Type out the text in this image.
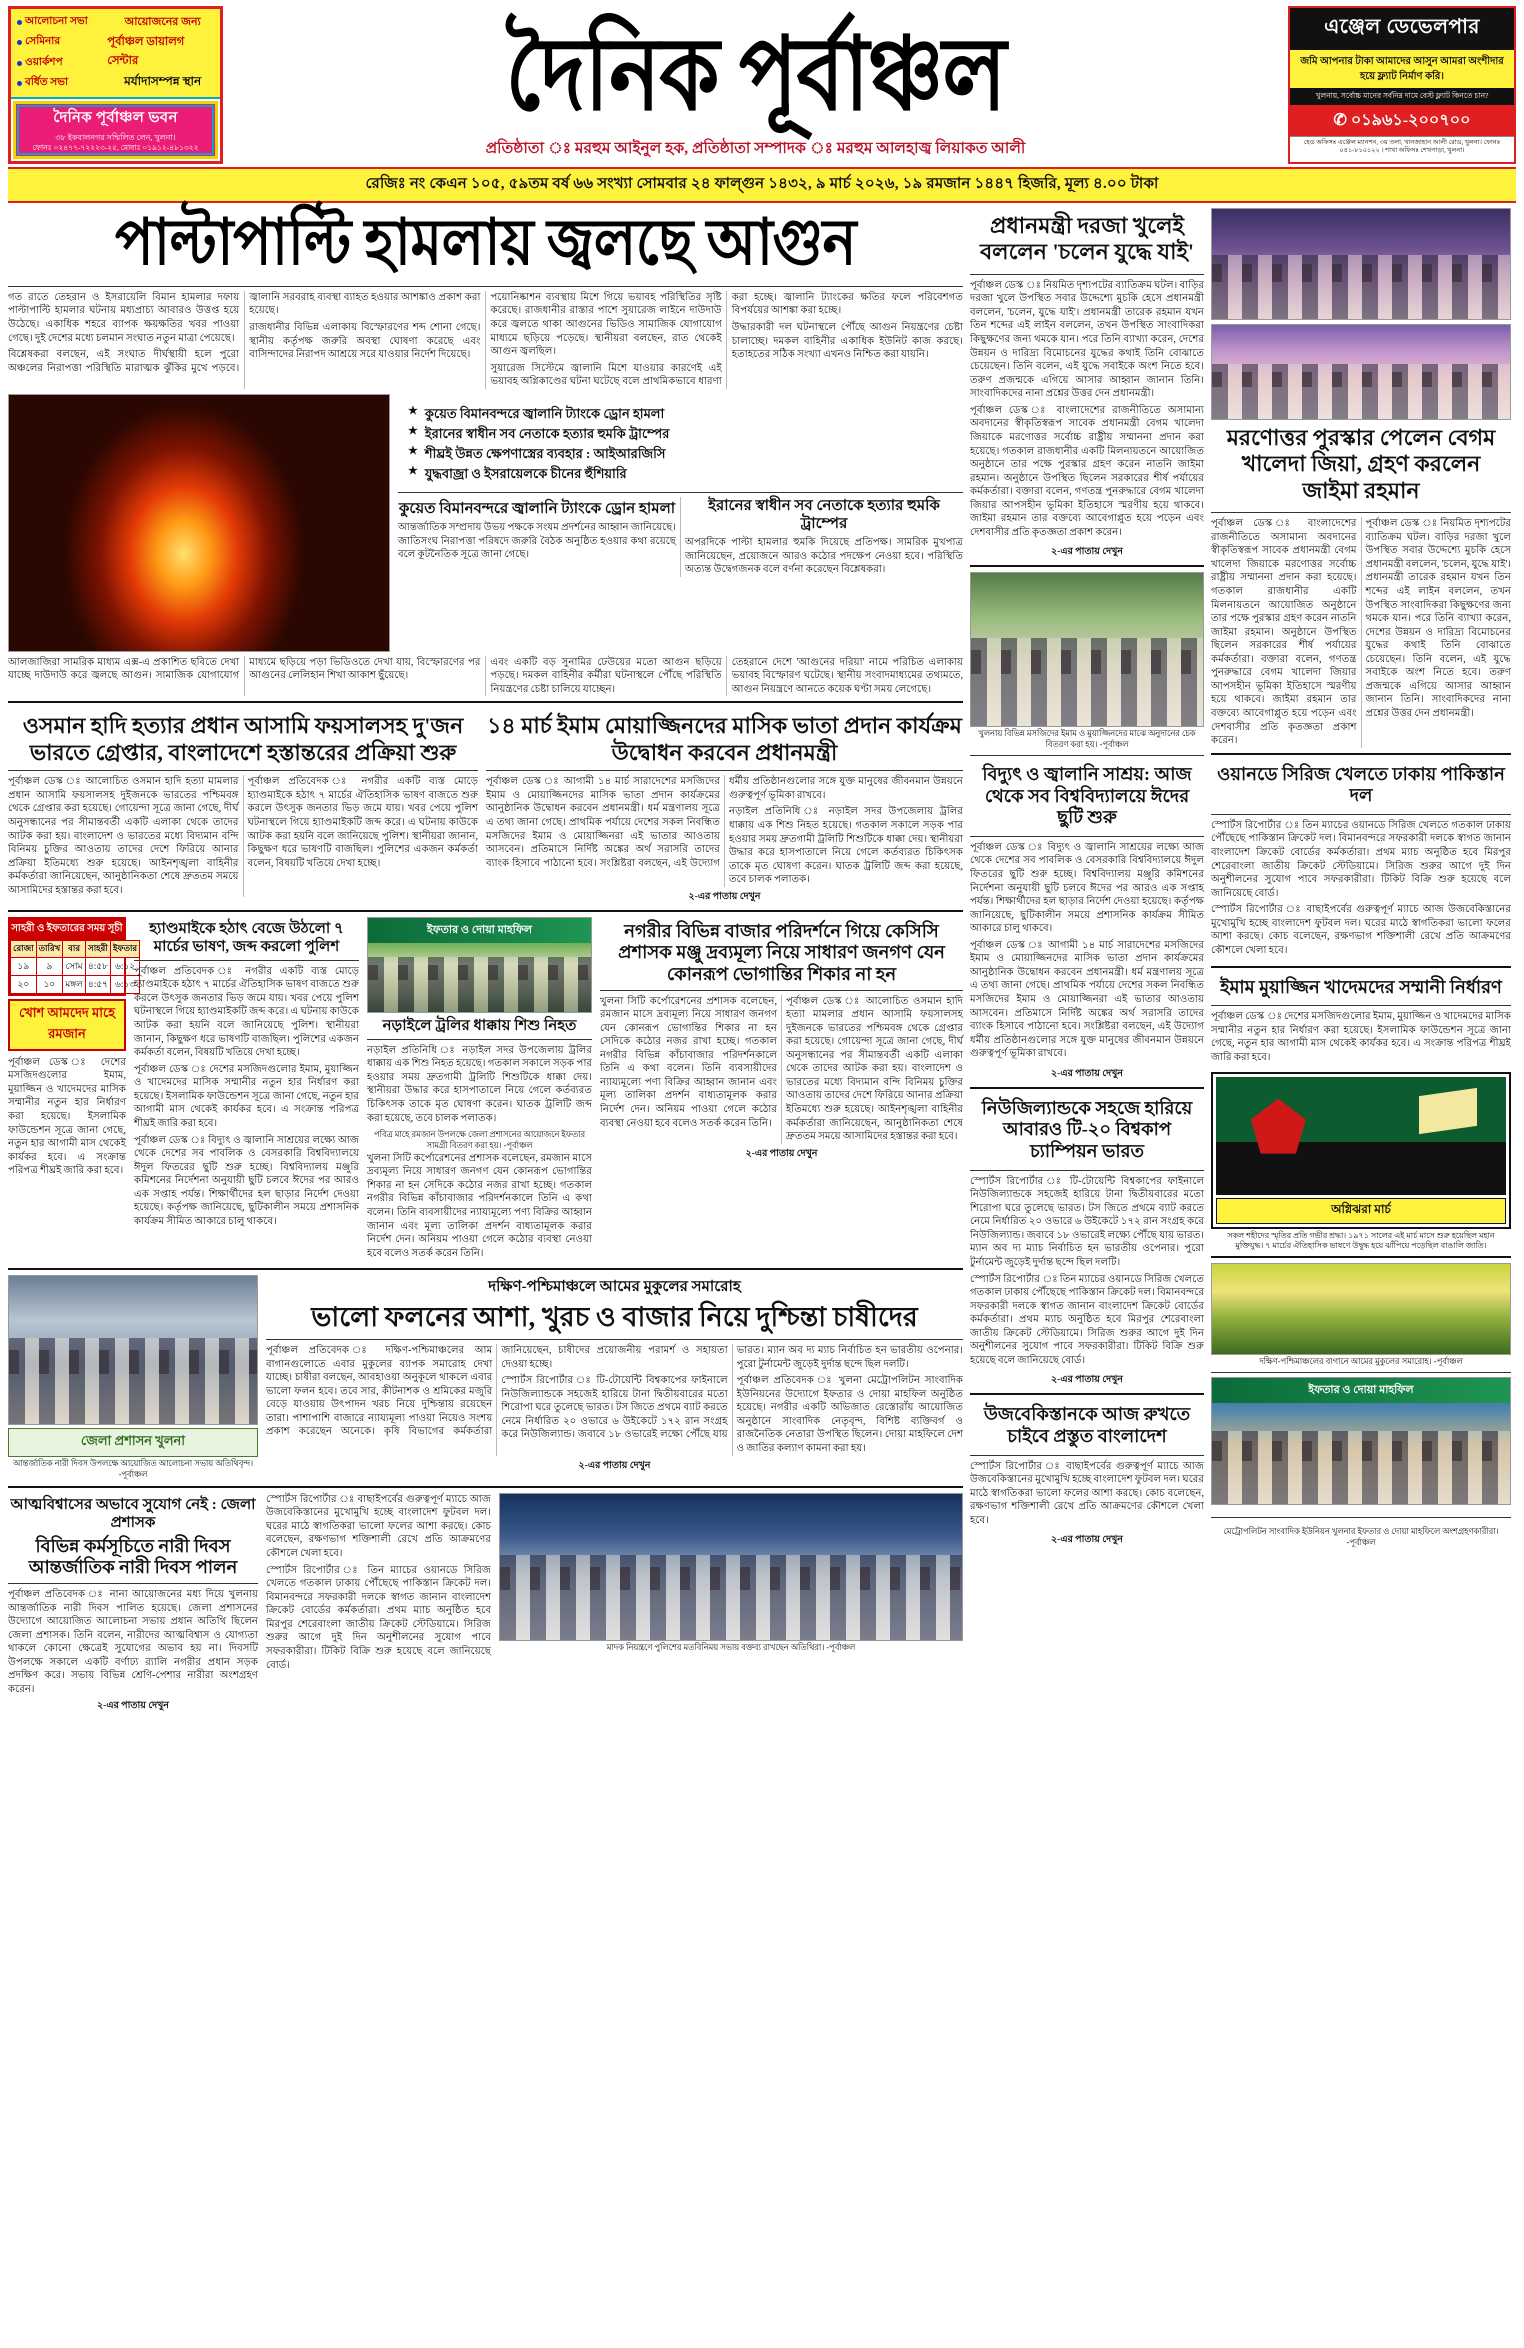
আলোচনা সভা
সেমিনার
ওয়ার্কশপ
বর্ধিত সভা
আয়োজনের জন্য
পূর্বাঞ্চল ডায়ালগ সেন্টার
মর্যাদাসম্পন্ন স্থান
দৈনিক পূর্বাঞ্চল ভবন
৩৮ ইকবালনগর সম্মিলিত লেন, খুলনা।
ফোনঃ ০২৪৭৭-৭২২২৩-২৫, মোবাঃ ০১৯১২-৪৮১৩২২
দৈনিক পূর্বাঞ্চল
প্রতিষ্ঠাতা ঃ মরহুম আইনুল হক, প্রতিষ্ঠাতা সম্পাদক ঃ মরহুম আলহাজ্ব লিয়াকত আলী
এঞ্জেল ডেভেলপার
জমি আপনার টাকা আমাদের আসুন আমরা অংশীদার হয়ে ফ্ল্যাট নির্মাণ করি।
খুলনায়, সর্বোচ্চ মানের সর্বনিম্ন দামে বেস্ট ফ্ল্যাট কিনতে চান?
✆ ০১৯৬১-২০০৭০০
হেড অফিসঃ এঞ্জেল ম্যানশন, ৩য় তলা, খানজাহান আলী রোড, খুলনা। ফোনঃ ০৪১-৮১০১২২ । শাখা অফিসঃ শেখপাড়া, খুলনা।
রেজিঃ নং কেএন ১০৫, ৫৯তম বর্ষ ৬৬ সংখ্যা সোমবার ২৪ ফাল্গুন ১৪৩২, ৯ মার্চ ২০২৬, ১৯ রমজান ১৪৪৭ হিজরি, মূল্য ৪.০০ টাকা
পাল্টাপাল্টি হামলায় জ্বলছে আগুন

গত রাতে তেহরান ও ইসরায়েলি বিমান হামলার দফায় পাল্টাপাল্টি হামলার ঘটনায় মধ্যপ্রাচ্য আবারও উত্তপ্ত হয়ে উঠেছে। একাধিক শহরে ব্যাপক ক্ষয়ক্ষতির খবর পাওয়া গেছে। দুই দেশের মধ্যে চলমান সংঘাত নতুন মাত্রা পেয়েছে।

বিশ্লেষকরা বলছেন, এই সংঘাত দীর্ঘস্থায়ী হলে পুরো অঞ্চলের নিরাপত্তা পরিস্থিতি মারাত্মক ঝুঁকির মুখে পড়বে। জ্বালানি সরবরাহ ব্যবস্থা ব্যাহত হওয়ার আশঙ্কাও প্রকাশ করা হয়েছে।

রাজধানীর বিভিন্ন এলাকায় বিস্ফোরণের শব্দ শোনা গেছে। স্থানীয় কর্তৃপক্ষ জরুরি অবস্থা ঘোষণা করেছে এবং বাসিন্দাদের নিরাপদ আশ্রয়ে সরে যাওয়ার নির্দেশ দিয়েছে।

পয়োনিষ্কাশন ব্যবস্থায় মিশে গিয়ে ভয়াবহ পরিস্থিতির সৃষ্টি করেছে। রাজধানীর রাস্তার পাশে সুয়ারেজ লাইনে দাউদাউ করে জ্বলতে থাকা আগুনের ভিডিও সামাজিক যোগাযোগ মাধ্যমে ছড়িয়ে পড়েছে। স্থানীয়রা বলছেন, রাত থেকেই আগুন জ্বলছিল।

সুয়ারেজ সিস্টেমে জ্বালানি মিশে যাওয়ার কারণেই এই ভয়াবহ অগ্নিকাণ্ডের ঘটনা ঘটেছে বলে প্রাথমিকভাবে ধারণা করা হচ্ছে। জ্বালানি ট্যাংকের ক্ষতির ফলে পরিবেশগত বিপর্যয়ের আশঙ্কা করা হচ্ছে।

উদ্ধারকারী দল ঘটনাস্থলে পৌঁছে আগুন নিয়ন্ত্রণের চেষ্টা চালাচ্ছে। দমকল বাহিনীর একাধিক ইউনিট কাজ করছে। হতাহতের সঠিক সংখ্যা এখনও নিশ্চিত করা যায়নি।

★ কুয়েত বিমানবন্দরে জ্বালানি ট্যাংকে ড্রোন হামলা
★ ইরানের স্বাধীন সব নেতাকে হত্যার হুমকি ট্রাম্পের
★ শীঘ্রই উন্নত ক্ষেপণাস্ত্রের ব্যবহার : আইআরজিসি
★ যুদ্ধবাজ্রা ও ইসরায়েলকে চীনের হুঁশিয়ারি
কুয়েত বিমানবন্দরে জ্বালানি ট্যাংকে ড্রোন হামলা

আন্তর্জাতিক সম্প্রদায় উভয় পক্ষকে সংযম প্রদর্শনের আহ্বান জানিয়েছে। জাতিসংঘ নিরাপত্তা পরিষদে জরুরি বৈঠক অনুষ্ঠিত হওয়ার কথা রয়েছে বলে কূটনৈতিক সূত্রে জানা গেছে।

ইরানের স্বাধীন সব নেতাকে হত্যার হুমকি ট্রাম্পের

অপরদিকে পাল্টা হামলার হুমকি দিয়েছে প্রতিপক্ষ। সামরিক মুখপাত্র জানিয়েছেন, প্রয়োজনে আরও কঠোর পদক্ষেপ নেওয়া হবে। পরিস্থিতি অত্যন্ত উদ্বেগজনক বলে বর্ণনা করেছেন বিশ্লেষকরা।

আলজাজিরা সামরিক মাধ্যম এক্স-এ প্রকাশিত ছবিতে দেখা যাচ্ছে দাউদাউ করে জ্বলছে আগুন। সামাজিক যোগাযোগ মাধ্যমে ছড়িয়ে পড়া ভিডিওতে দেখা যায়, বিস্ফোরণের পর আগুনের লেলিহান শিখা আকাশ ছুঁয়েছে।

এবং একটি বড় সুনামির ঢেউয়ের মতো আগুন ছড়িয়ে পড়ছে। দমকল বাহিনীর কর্মীরা ঘটনাস্থলে পৌঁছে পরিস্থিতি নিয়ন্ত্রণের চেষ্টা চালিয়ে যাচ্ছেন।

তেহরানে দেশে 'আগুনের দরিয়া' নামে পরিচিত এলাকায় ভয়াবহ বিস্ফোরণ ঘটেছে। স্থানীয় সংবাদমাধ্যমের তথ্যমতে, আগুন নিয়ন্ত্রণে আনতে কয়েক ঘণ্টা সময় লেগেছে।

ওসমান হাদি হত্যার প্রধান আসামি ফয়সালসহ দু'জন ভারতে গ্রেপ্তার, বাংলাদেশে হস্তান্তরের প্রক্রিয়া শুরু

পূর্বাঞ্চল ডেস্ক ঃ আলোচিত ওসমান হাদি হত্যা মামলার প্রধান আসামি ফয়সালসহ দুইজনকে ভারতের পশ্চিমবঙ্গ থেকে গ্রেপ্তার করা হয়েছে। গোয়েন্দা সূত্রে জানা গেছে, দীর্ঘ অনুসন্ধানের পর সীমান্তবর্তী একটি এলাকা থেকে তাদের আটক করা হয়। বাংলাদেশ ও ভারতের মধ্যে বিদ্যমান বন্দি বিনিময় চুক্তির আওতায় তাদের দেশে ফিরিয়ে আনার প্রক্রিয়া ইতিমধ্যে শুরু হয়েছে। আইনশৃঙ্খলা বাহিনীর কর্মকর্তারা জানিয়েছেন, আনুষ্ঠানিকতা শেষে দ্রুততম সময়ে আসামিদের হস্তান্তর করা হবে।

পূর্বাঞ্চল প্রতিবেদক ঃ নগরীর একটি ব্যস্ত মোড়ে হ্যাণ্ডমাইকে হঠাৎ ৭ মার্চের ঐতিহাসিক ভাষণ বাজতে শুরু করলে উৎসুক জনতার ভিড় জমে যায়। খবর পেয়ে পুলিশ ঘটনাস্থলে গিয়ে হ্যাণ্ডমাইকটি জব্দ করে। এ ঘটনায় কাউকে আটক করা হয়নি বলে জানিয়েছে পুলিশ। স্থানীয়রা জানান, কিছুক্ষণ ধরে ভাষণটি বাজছিল। পুলিশের একজন কর্মকর্তা বলেন, বিষয়টি খতিয়ে দেখা হচ্ছে।

১৪ মার্চ ইমাম মোয়াজ্জিনদের মাসিক ভাতা প্রদান কার্যক্রম উদ্বোধন করবেন প্রধানমন্ত্রী

পূর্বাঞ্চল ডেস্ক ঃ আগামী ১৪ মার্চ সারাদেশের মসজিদের ইমাম ও মোয়াজ্জিনদের মাসিক ভাতা প্রদান কার্যক্রমের আনুষ্ঠানিক উদ্বোধন করবেন প্রধানমন্ত্রী। ধর্ম মন্ত্রণালয় সূত্রে এ তথ্য জানা গেছে। প্রাথমিক পর্যায়ে দেশের সকল নিবন্ধিত মসজিদের ইমাম ও মোয়াজ্জিনরা এই ভাতার আওতায় আসবেন। প্রতিমাসে নির্দিষ্ট অঙ্কের অর্থ সরাসরি তাদের ব্যাংক হিসাবে পাঠানো হবে। সংশ্লিষ্টরা বলছেন, এই উদ্যোগ ধর্মীয় প্রতিষ্ঠানগুলোর সঙ্গে যুক্ত মানুষের জীবনমান উন্নয়নে গুরুত্বপূর্ণ ভূমিকা রাখবে।

নড়াইল প্রতিনিধি ঃ নড়াইল সদর উপজেলায় ট্রলির ধাক্কায় এক শিশু নিহত হয়েছে। গতকাল সকালে সড়ক পার হওয়ার সময় দ্রুতগামী ট্রলিটি শিশুটিকে ধাক্কা দেয়। স্থানীয়রা উদ্ধার করে হাসপাতালে নিয়ে গেলে কর্তব্যরত চিকিৎসক তাকে মৃত ঘোষণা করেন। ঘাতক ট্রলিটি জব্দ করা হয়েছে, তবে চালক পলাতক।

২-এর পাতায় দেখুন
সাহরী ও ইফতারের সময় সূচী
রোজা	তারিখ	বার	সাহরী	ইফতার
১৯	৯	সোম	৪:৫৮	৬:১২
২০	১০	মঙ্গল	৪:৫৭	৬:১৩
খোশ আমদেদ মাহে রমজান

পূর্বাঞ্চল ডেস্ক ঃ দেশের মসজিদগুলোর ইমাম, মুয়াজ্জিন ও খাদেমদের মাসিক সম্মানীর নতুন হার নির্ধারণ করা হয়েছে। ইসলামিক ফাউন্ডেশন সূত্রে জানা গেছে, নতুন হার আগামী মাস থেকেই কার্যকর হবে। এ সংক্রান্ত পরিপত্র শীঘ্রই জারি করা হবে।

হ্যাণ্ডমাইকে হঠাৎ বেজে উঠলো ৭ মার্চের ভাষণ, জব্দ করলো পুলিশ

পূর্বাঞ্চল প্রতিবেদক ঃ নগরীর একটি ব্যস্ত মোড়ে হ্যাণ্ডমাইকে হঠাৎ ৭ মার্চের ঐতিহাসিক ভাষণ বাজতে শুরু করলে উৎসুক জনতার ভিড় জমে যায়। খবর পেয়ে পুলিশ ঘটনাস্থলে গিয়ে হ্যাণ্ডমাইকটি জব্দ করে। এ ঘটনায় কাউকে আটক করা হয়নি বলে জানিয়েছে পুলিশ। স্থানীয়রা জানান, কিছুক্ষণ ধরে ভাষণটি বাজছিল। পুলিশের একজন কর্মকর্তা বলেন, বিষয়টি খতিয়ে দেখা হচ্ছে।

পূর্বাঞ্চল ডেস্ক ঃ দেশের মসজিদগুলোর ইমাম, মুয়াজ্জিন ও খাদেমদের মাসিক সম্মানীর নতুন হার নির্ধারণ করা হয়েছে। ইসলামিক ফাউন্ডেশন সূত্রে জানা গেছে, নতুন হার আগামী মাস থেকেই কার্যকর হবে। এ সংক্রান্ত পরিপত্র শীঘ্রই জারি করা হবে।

পূর্বাঞ্চল ডেস্ক ঃ বিদ্যুৎ ও জ্বালানি সাশ্রয়ের লক্ষ্যে আজ থেকে দেশের সব পাবলিক ও বেসরকারি বিশ্ববিদ্যালয়ে ঈদুল ফিতরের ছুটি শুরু হচ্ছে। বিশ্ববিদ্যালয় মঞ্জুরি কমিশনের নির্দেশনা অনুযায়ী ছুটি চলবে ঈদের পর আরও এক সপ্তাহ পর্যন্ত। শিক্ষার্থীদের হল ছাড়ার নির্দেশ দেওয়া হয়েছে। কর্তৃপক্ষ জানিয়েছে, ছুটিকালীন সময়ে প্রশাসনিক কার্যক্রম সীমিত আকারে চালু থাকবে।

ইফতার ও দোয়া মাহফিল
নড়াইলে ট্রলির ধাক্কায় শিশু নিহত

নড়াইল প্রতিনিধি ঃ নড়াইল সদর উপজেলায় ট্রলির ধাক্কায় এক শিশু নিহত হয়েছে। গতকাল সকালে সড়ক পার হওয়ার সময় দ্রুতগামী ট্রলিটি শিশুটিকে ধাক্কা দেয়। স্থানীয়রা উদ্ধার করে হাসপাতালে নিয়ে গেলে কর্তব্যরত চিকিৎসক তাকে মৃত ঘোষণা করেন। ঘাতক ট্রলিটি জব্দ করা হয়েছে, তবে চালক পলাতক।

পবিত্র মাহে রমজান উপলক্ষে জেলা প্রশাসনের আয়োজনে ইফতার সামগ্রী বিতরণ করা হয়। -পূর্বাঞ্চল

খুলনা সিটি কর্পোরেশনের প্রশাসক বলেছেন, রমজান মাসে দ্রব্যমূল্য নিয়ে সাধারণ জনগণ যেন কোনরূপ ভোগান্তির শিকার না হন সেদিকে কঠোর নজর রাখা হচ্ছে। গতকাল নগরীর বিভিন্ন কাঁচাবাজার পরিদর্শনকালে তিনি এ কথা বলেন। তিনি ব্যবসায়ীদের ন্যায্যমূল্যে পণ্য বিক্রির আহ্বান জানান এবং মূল্য তালিকা প্রদর্শন বাধ্যতামূলক করার নির্দেশ দেন। অনিয়ম পাওয়া গেলে কঠোর ব্যবস্থা নেওয়া হবে বলেও সতর্ক করেন তিনি।

নগরীর বিভিন্ন বাজার পরিদর্শনে গিয়ে কেসিসি প্রশাসক মঞ্জু দ্রব্যমূল্য নিয়ে সাধারণ জনগণ যেন কোনরূপ ভোগান্তির শিকার না হন

খুলনা সিটি কর্পোরেশনের প্রশাসক বলেছেন, রমজান মাসে দ্রব্যমূল্য নিয়ে সাধারণ জনগণ যেন কোনরূপ ভোগান্তির শিকার না হন সেদিকে কঠোর নজর রাখা হচ্ছে। গতকাল নগরীর বিভিন্ন কাঁচাবাজার পরিদর্শনকালে তিনি এ কথা বলেন। তিনি ব্যবসায়ীদের ন্যায্যমূল্যে পণ্য বিক্রির আহ্বান জানান এবং মূল্য তালিকা প্রদর্শন বাধ্যতামূলক করার নির্দেশ দেন। অনিয়ম পাওয়া গেলে কঠোর ব্যবস্থা নেওয়া হবে বলেও সতর্ক করেন তিনি।

পূর্বাঞ্চল ডেস্ক ঃ আলোচিত ওসমান হাদি হত্যা মামলার প্রধান আসামি ফয়সালসহ দুইজনকে ভারতের পশ্চিমবঙ্গ থেকে গ্রেপ্তার করা হয়েছে। গোয়েন্দা সূত্রে জানা গেছে, দীর্ঘ অনুসন্ধানের পর সীমান্তবর্তী একটি এলাকা থেকে তাদের আটক করা হয়। বাংলাদেশ ও ভারতের মধ্যে বিদ্যমান বন্দি বিনিময় চুক্তির আওতায় তাদের দেশে ফিরিয়ে আনার প্রক্রিয়া ইতিমধ্যে শুরু হয়েছে। আইনশৃঙ্খলা বাহিনীর কর্মকর্তারা জানিয়েছেন, আনুষ্ঠানিকতা শেষে দ্রুততম সময়ে আসামিদের হস্তান্তর করা হবে।

২-এর পাতায় দেখুন
জেলা প্রশাসন খুলনা
আন্তর্জাতিক নারী দিবস উপলক্ষে আয়োজিত আলোচনা সভায় অতিথিবৃন্দ। -পূর্বাঞ্চল
দক্ষিণ-পশ্চিমাঞ্চলে আমের মুকুলের সমারোহ
ভালো ফলনের আশা, খুরচ ও বাজার নিয়ে দুশ্চিন্তা চাষীদের

পূর্বাঞ্চল প্রতিবেদক ঃ দক্ষিণ-পশ্চিমাঞ্চলের আম বাগানগুলোতে এবার মুকুলের ব্যাপক সমারোহ দেখা যাচ্ছে। চাষীরা বলছেন, আবহাওয়া অনুকূলে থাকলে এবার ভালো ফলন হবে। তবে সার, কীটনাশক ও শ্রমিকের মজুরি বেড়ে যাওয়ায় উৎপাদন খরচ নিয়ে দুশ্চিন্তায় রয়েছেন তারা। পাশাপাশি বাজারে ন্যায্যমূল্য পাওয়া নিয়েও সংশয় প্রকাশ করেছেন অনেকে। কৃষি বিভাগের কর্মকর্তারা জানিয়েছেন, চাষীদের প্রয়োজনীয় পরামর্শ ও সহায়তা দেওয়া হচ্ছে।

স্পোর্টস রিপোর্টার ঃ টি-টোয়েন্টি বিশ্বকাপের ফাইনালে নিউজিল্যান্ডকে সহজেই হারিয়ে টানা দ্বিতীয়বারের মতো শিরোপা ঘরে তুলেছে ভারত। টস জিতে প্রথমে ব্যাট করতে নেমে নির্ধারিত ২০ ওভারে ৬ উইকেটে ১৭২ রান সংগ্রহ করে নিউজিল্যান্ড। জবাবে ১৮ ওভারেই লক্ষ্যে পৌঁছে যায় ভারত। ম্যান অব দ্য ম্যাচ নির্বাচিত হন ভারতীয় ওপেনার। পুরো টুর্নামেন্ট জুড়েই দুর্দান্ত ছন্দে ছিল দলটি।

পূর্বাঞ্চল প্রতিবেদক ঃ খুলনা মেট্রোপলিটন সাংবাদিক ইউনিয়নের উদ্যোগে ইফতার ও দোয়া মাহফিল অনুষ্ঠিত হয়েছে। নগরীর একটি অভিজাত রেস্তোরাঁয় আয়োজিত অনুষ্ঠানে সাংবাদিক নেতৃবৃন্দ, বিশিষ্ট ব্যক্তিবর্গ ও রাজনৈতিক নেতারা উপস্থিত ছিলেন। দোয়া মাহফিলে দেশ ও জাতির কল্যাণ কামনা করা হয়।

২-এর পাতায় দেখুন
আত্মবিশ্বাসের অভাবে সুযোগ নেই : জেলা প্রশাসক
বিভিন্ন কর্মসূচিতে নারী দিবস আন্তর্জাতিক নারী দিবস পালন

পূর্বাঞ্চল প্রতিবেদক ঃ নানা আয়োজনের মধ্য দিয়ে খুলনায় আন্তর্জাতিক নারী দিবস পালিত হয়েছে। জেলা প্রশাসনের উদ্যোগে আয়োজিত আলোচনা সভায় প্রধান অতিথি ছিলেন জেলা প্রশাসক। তিনি বলেন, নারীদের আত্মবিশ্বাস ও যোগ্যতা থাকলে কোনো ক্ষেত্রেই সুযোগের অভাব হয় না। দিবসটি উপলক্ষে সকালে একটি বর্ণাঢ্য র‍্যালি নগরীর প্রধান সড়ক প্রদক্ষিণ করে। সভায় বিভিন্ন শ্রেণি-পেশার নারীরা অংশগ্রহণ করেন।

২-এর পাতায় দেখুন

স্পোর্টস রিপোর্টার ঃ বাছাইপর্বের গুরুত্বপূর্ণ ম্যাচে আজ উজবেকিস্তানের মুখোমুখি হচ্ছে বাংলাদেশ ফুটবল দল। ঘরের মাঠে স্বাগতিকরা ভালো ফলের আশা করছে। কোচ বলেছেন, রক্ষণভাগ শক্তিশালী রেখে প্রতি আক্রমণের কৌশলে খেলা হবে।

স্পোর্টস রিপোর্টার ঃ তিন ম্যাচের ওয়ানডে সিরিজ খেলতে গতকাল ঢাকায় পৌঁছেছে পাকিস্তান ক্রিকেট দল। বিমানবন্দরে সফরকারী দলকে স্বাগত জানান বাংলাদেশ ক্রিকেট বোর্ডের কর্মকর্তারা। প্রথম ম্যাচ অনুষ্ঠিত হবে মিরপুর শেরেবাংলা জাতীয় ক্রিকেট স্টেডিয়ামে। সিরিজ শুরুর আগে দুই দিন অনুশীলনের সুযোগ পাবে সফরকারীরা। টিকিট বিক্রি শুরু হয়েছে বলে জানিয়েছে বোর্ড।

মাদক নিয়ন্ত্রণে পুলিশের মতবিনিময় সভায় বক্তব্য রাখছেন অতিথিরা। -পূর্বাঞ্চল
প্রধানমন্ত্রী দরজা খুলেই বললেন 'চলেন যুদ্ধে যাই'

পূর্বাঞ্চল ডেস্ক ঃ নিয়মিত দৃশ্যপটের ব্যাতিক্রম ঘটল। বাড়ির দরজা খুলে উপস্থিত সবার উদ্দেশ্যে মুচকি হেসে প্রধানমন্ত্রী বললেন, 'চলেন, যুদ্ধে যাই'। প্রধানমন্ত্রী তারেক রহমান যখন তিন শব্দের এই লাইন বললেন, তখন উপস্থিত সাংবাদিকরা কিছুক্ষণের জন্য থমকে যান। পরে তিনি ব্যাখ্যা করেন, দেশের উন্নয়ন ও দারিদ্র্য বিমোচনের যুদ্ধের কথাই তিনি বোঝাতে চেয়েছেন। তিনি বলেন, এই যুদ্ধে সবাইকে অংশ নিতে হবে। তরুণ প্রজন্মকে এগিয়ে আসার আহ্বান জানান তিনি। সাংবাদিকদের নানা প্রশ্নের উত্তর দেন প্রধানমন্ত্রী।

পূর্বাঞ্চল ডেস্ক ঃ বাংলাদেশের রাজনীতিতে অসামান্য অবদানের স্বীকৃতিস্বরূপ সাবেক প্রধানমন্ত্রী বেগম খালেদা জিয়াকে মরণোত্তর সর্বোচ্চ রাষ্ট্রীয় সম্মাননা প্রদান করা হয়েছে। গতকাল রাজধানীর একটি মিলনায়তনে আয়োজিত অনুষ্ঠানে তার পক্ষে পুরস্কার গ্রহণ করেন নাতনি জাইমা রহমান। অনুষ্ঠানে উপস্থিত ছিলেন সরকারের শীর্ষ পর্যায়ের কর্মকর্তারা। বক্তারা বলেন, গণতন্ত্র পুনরুদ্ধারে বেগম খালেদা জিয়ার আপসহীন ভূমিকা ইতিহাসে স্মরণীয় হয়ে থাকবে। জাইমা রহমান তার বক্তব্যে আবেগাপ্লুত হয়ে পড়েন এবং দেশবাসীর প্রতি কৃতজ্ঞতা প্রকাশ করেন।

২-এর পাতায় দেখুন
খুলনায় বিভিন্ন মসজিদের ইমাম ও মুয়াজ্জিনদের মাঝে অনুদানের চেক বিতরণ করা হয়। -পূর্বাঞ্চল
বিদ্যুৎ ও জ্বালানি সাশ্রয়: আজ থেকে সব বিশ্ববিদ্যালয়ে ঈদের ছুটি শুরু

পূর্বাঞ্চল ডেস্ক ঃ বিদ্যুৎ ও জ্বালানি সাশ্রয়ের লক্ষ্যে আজ থেকে দেশের সব পাবলিক ও বেসরকারি বিশ্ববিদ্যালয়ে ঈদুল ফিতরের ছুটি শুরু হচ্ছে। বিশ্ববিদ্যালয় মঞ্জুরি কমিশনের নির্দেশনা অনুযায়ী ছুটি চলবে ঈদের পর আরও এক সপ্তাহ পর্যন্ত। শিক্ষার্থীদের হল ছাড়ার নির্দেশ দেওয়া হয়েছে। কর্তৃপক্ষ জানিয়েছে, ছুটিকালীন সময়ে প্রশাসনিক কার্যক্রম সীমিত আকারে চালু থাকবে।

পূর্বাঞ্চল ডেস্ক ঃ আগামী ১৪ মার্চ সারাদেশের মসজিদের ইমাম ও মোয়াজ্জিনদের মাসিক ভাতা প্রদান কার্যক্রমের আনুষ্ঠানিক উদ্বোধন করবেন প্রধানমন্ত্রী। ধর্ম মন্ত্রণালয় সূত্রে এ তথ্য জানা গেছে। প্রাথমিক পর্যায়ে দেশের সকল নিবন্ধিত মসজিদের ইমাম ও মোয়াজ্জিনরা এই ভাতার আওতায় আসবেন। প্রতিমাসে নির্দিষ্ট অঙ্কের অর্থ সরাসরি তাদের ব্যাংক হিসাবে পাঠানো হবে। সংশ্লিষ্টরা বলছেন, এই উদ্যোগ ধর্মীয় প্রতিষ্ঠানগুলোর সঙ্গে যুক্ত মানুষের জীবনমান উন্নয়নে গুরুত্বপূর্ণ ভূমিকা রাখবে।

২-এর পাতায় দেখুন
নিউজিল্যান্ডকে সহজে হারিয়ে আবারও টি-২০ বিশ্বকাপ চ্যাম্পিয়ন ভারত

স্পোর্টস রিপোর্টার ঃ টি-টোয়েন্টি বিশ্বকাপের ফাইনালে নিউজিল্যান্ডকে সহজেই হারিয়ে টানা দ্বিতীয়বারের মতো শিরোপা ঘরে তুলেছে ভারত। টস জিতে প্রথমে ব্যাট করতে নেমে নির্ধারিত ২০ ওভারে ৬ উইকেটে ১৭২ রান সংগ্রহ করে নিউজিল্যান্ড। জবাবে ১৮ ওভারেই লক্ষ্যে পৌঁছে যায় ভারত। ম্যান অব দ্য ম্যাচ নির্বাচিত হন ভারতীয় ওপেনার। পুরো টুর্নামেন্ট জুড়েই দুর্দান্ত ছন্দে ছিল দলটি।

স্পোর্টস রিপোর্টার ঃ তিন ম্যাচের ওয়ানডে সিরিজ খেলতে গতকাল ঢাকায় পৌঁছেছে পাকিস্তান ক্রিকেট দল। বিমানবন্দরে সফরকারী দলকে স্বাগত জানান বাংলাদেশ ক্রিকেট বোর্ডের কর্মকর্তারা। প্রথম ম্যাচ অনুষ্ঠিত হবে মিরপুর শেরেবাংলা জাতীয় ক্রিকেট স্টেডিয়ামে। সিরিজ শুরুর আগে দুই দিন অনুশীলনের সুযোগ পাবে সফরকারীরা। টিকিট বিক্রি শুরু হয়েছে বলে জানিয়েছে বোর্ড।

২-এর পাতায় দেখুন
উজবেকিস্তানকে আজ রুখতে চাইবে প্রস্তুত বাংলাদেশ

স্পোর্টস রিপোর্টার ঃ বাছাইপর্বের গুরুত্বপূর্ণ ম্যাচে আজ উজবেকিস্তানের মুখোমুখি হচ্ছে বাংলাদেশ ফুটবল দল। ঘরের মাঠে স্বাগতিকরা ভালো ফলের আশা করছে। কোচ বলেছেন, রক্ষণভাগ শক্তিশালী রেখে প্রতি আক্রমণের কৌশলে খেলা হবে।

২-এর পাতায় দেখুন
মরণোত্তর পুরস্কার পেলেন বেগম খালেদা জিয়া, গ্রহণ করলেন জাইমা রহমান

পূর্বাঞ্চল ডেস্ক ঃ বাংলাদেশের রাজনীতিতে অসামান্য অবদানের স্বীকৃতিস্বরূপ সাবেক প্রধানমন্ত্রী বেগম খালেদা জিয়াকে মরণোত্তর সর্বোচ্চ রাষ্ট্রীয় সম্মাননা প্রদান করা হয়েছে। গতকাল রাজধানীর একটি মিলনায়তনে আয়োজিত অনুষ্ঠানে তার পক্ষে পুরস্কার গ্রহণ করেন নাতনি জাইমা রহমান। অনুষ্ঠানে উপস্থিত ছিলেন সরকারের শীর্ষ পর্যায়ের কর্মকর্তারা। বক্তারা বলেন, গণতন্ত্র পুনরুদ্ধারে বেগম খালেদা জিয়ার আপসহীন ভূমিকা ইতিহাসে স্মরণীয় হয়ে থাকবে। জাইমা রহমান তার বক্তব্যে আবেগাপ্লুত হয়ে পড়েন এবং দেশবাসীর প্রতি কৃতজ্ঞতা প্রকাশ করেন।

পূর্বাঞ্চল ডেস্ক ঃ নিয়মিত দৃশ্যপটের ব্যাতিক্রম ঘটল। বাড়ির দরজা খুলে উপস্থিত সবার উদ্দেশ্যে মুচকি হেসে প্রধানমন্ত্রী বললেন, 'চলেন, যুদ্ধে যাই'। প্রধানমন্ত্রী তারেক রহমান যখন তিন শব্দের এই লাইন বললেন, তখন উপস্থিত সাংবাদিকরা কিছুক্ষণের জন্য থমকে যান। পরে তিনি ব্যাখ্যা করেন, দেশের উন্নয়ন ও দারিদ্র্য বিমোচনের যুদ্ধের কথাই তিনি বোঝাতে চেয়েছেন। তিনি বলেন, এই যুদ্ধে সবাইকে অংশ নিতে হবে। তরুণ প্রজন্মকে এগিয়ে আসার আহ্বান জানান তিনি। সাংবাদিকদের নানা প্রশ্নের উত্তর দেন প্রধানমন্ত্রী।

ওয়ানডে সিরিজ খেলতে ঢাকায় পাকিস্তান দল

স্পোর্টস রিপোর্টার ঃ তিন ম্যাচের ওয়ানডে সিরিজ খেলতে গতকাল ঢাকায় পৌঁছেছে পাকিস্তান ক্রিকেট দল। বিমানবন্দরে সফরকারী দলকে স্বাগত জানান বাংলাদেশ ক্রিকেট বোর্ডের কর্মকর্তারা। প্রথম ম্যাচ অনুষ্ঠিত হবে মিরপুর শেরেবাংলা জাতীয় ক্রিকেট স্টেডিয়ামে। সিরিজ শুরুর আগে দুই দিন অনুশীলনের সুযোগ পাবে সফরকারীরা। টিকিট বিক্রি শুরু হয়েছে বলে জানিয়েছে বোর্ড।

স্পোর্টস রিপোর্টার ঃ বাছাইপর্বের গুরুত্বপূর্ণ ম্যাচে আজ উজবেকিস্তানের মুখোমুখি হচ্ছে বাংলাদেশ ফুটবল দল। ঘরের মাঠে স্বাগতিকরা ভালো ফলের আশা করছে। কোচ বলেছেন, রক্ষণভাগ শক্তিশালী রেখে প্রতি আক্রমণের কৌশলে খেলা হবে।

ইমাম মুয়াজ্জিন খাদেমদের সম্মানী নির্ধারণ

পূর্বাঞ্চল ডেস্ক ঃ দেশের মসজিদগুলোর ইমাম, মুয়াজ্জিন ও খাদেমদের মাসিক সম্মানীর নতুন হার নির্ধারণ করা হয়েছে। ইসলামিক ফাউন্ডেশন সূত্রে জানা গেছে, নতুন হার আগামী মাস থেকেই কার্যকর হবে। এ সংক্রান্ত পরিপত্র শীঘ্রই জারি করা হবে।

অগ্নিঝরা মার্চ
সকল শহীদের স্মৃতির প্রতি গভীর শ্রদ্ধা। ১৯৭১ সালের এই মার্চ মাসে শুরু হয়েছিল মহান মুক্তিযুদ্ধ। ৭ মার্চের ঐতিহাসিক ভাষণে উদ্বুদ্ধ হয়ে ঝাঁপিয়ে পড়েছিল বাঙালি জাতি।
দক্ষিণ-পশ্চিমাঞ্চলের বাগানে আমের মুকুলের সমারোহ। -পূর্বাঞ্চল
ইফতার ও দোয়া মাহফিল

মেট্রোপলিটন সাংবাদিক ইউনিয়ন খুলনার ইফতার ও দোয়া মাহফিলে অংশগ্রহণকারীরা। -পূর্বাঞ্চল
